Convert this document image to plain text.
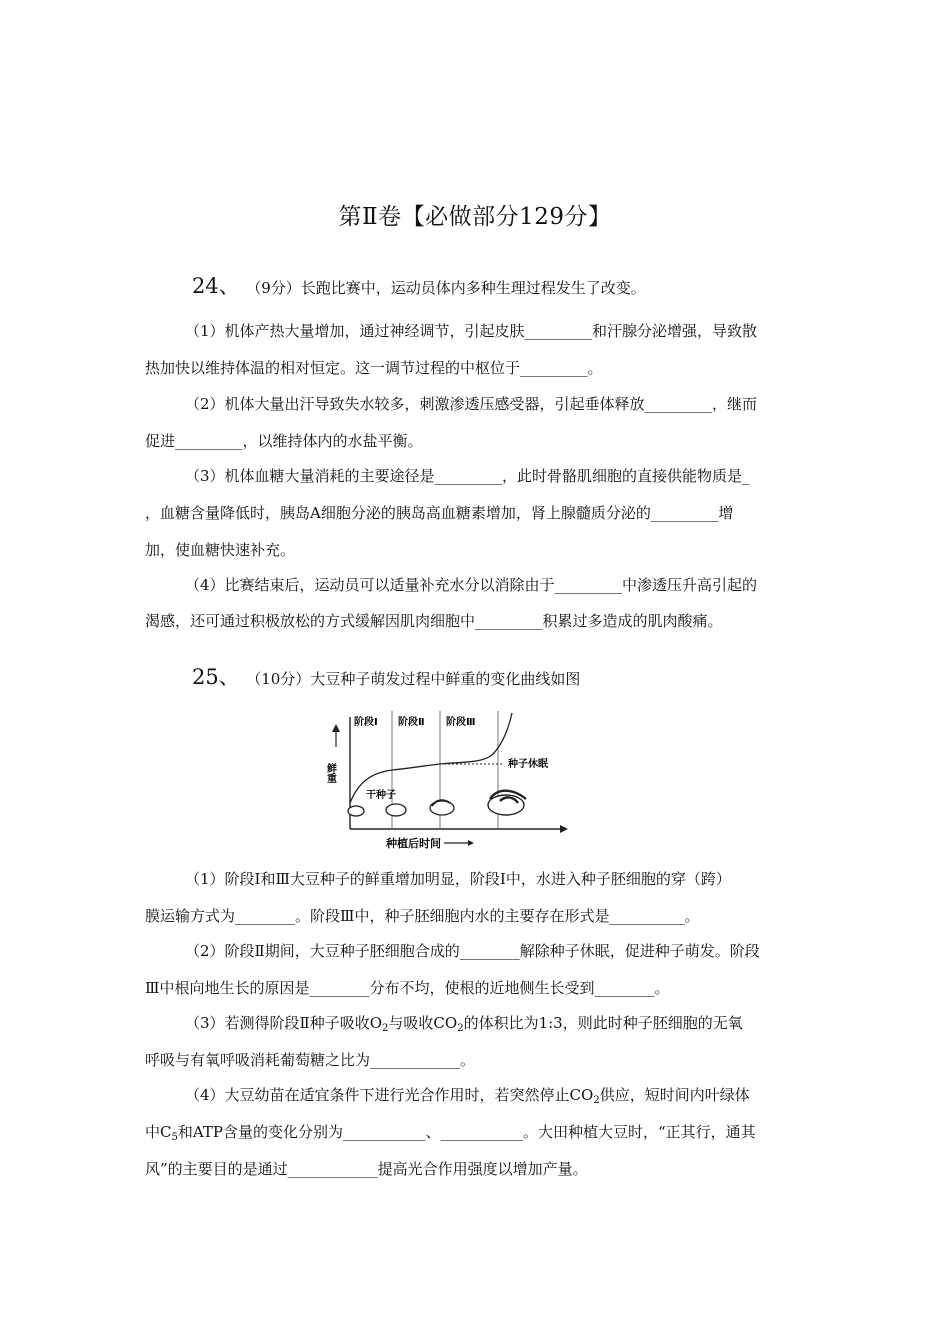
第Ⅱ卷【必做部分129分】
24、 （9分）长跑比赛中，运动员体内多种生理过程发生了改变。
（1）机体产热大量增加，通过神经调节，引起皮肤_________和汗腺分泌增强，导致散
热加快以维持体温的相对恒定。这一调节过程的中枢位于_________。
（2）机体大量出汗导致失水较多，刺激渗透压感受器，引起垂体释放_________，继而
促进_________，以维持体内的水盐平衡。
（3）机体血糖大量消耗的主要途径是_________，此时骨骼肌细胞的直接供能物质是_
，血糖含量降低时，胰岛A细胞分泌的胰岛高血糖素增加，肾上腺髓质分泌的_________增
加，使血糖快速补充。
（4）比赛结束后，运动员可以适量补充水分以消除由于_________中渗透压升高引起的
渴感，还可通过积极放松的方式缓解因肌肉细胞中_________积累过多造成的肌肉酸痛。
25、 （10分）大豆种子萌发过程中鲜重的变化曲线如图
阶段Ⅰ 阶段Ⅱ 阶段Ⅲ
鲜重	种子休眠
干种子
种植后时间
（1）阶段Ⅰ和Ⅲ大豆种子的鲜重增加明显，阶段Ⅰ中，水进入种子胚细胞的穿（跨）
膜运输方式为________。阶段Ⅲ中，种子胚细胞内水的主要存在形式是__________。
（2）阶段Ⅱ期间，大豆种子胚细胞合成的________解除种子休眠，促进种子萌发。阶段
Ⅲ中根向地生长的原因是________分布不均，使根的近地侧生长受到________。
（3）若测得阶段Ⅱ种子吸收$O_2$与吸收$CO_2$的体积比为1:3，则此时种子胚细胞的无氧
呼吸与有氧呼吸消耗葡萄糖之比为____________。
（4）大豆幼苗在适宜条件下进行光合作用时，若突然停止$CO_2$供应，短时间内叶绿体
中$C_5$和ATP含量的变化分别为___________、___________。大田种植大豆时，“正其行，通其
风”的主要目的是通过____________提高光合作用强度以增加产量。
